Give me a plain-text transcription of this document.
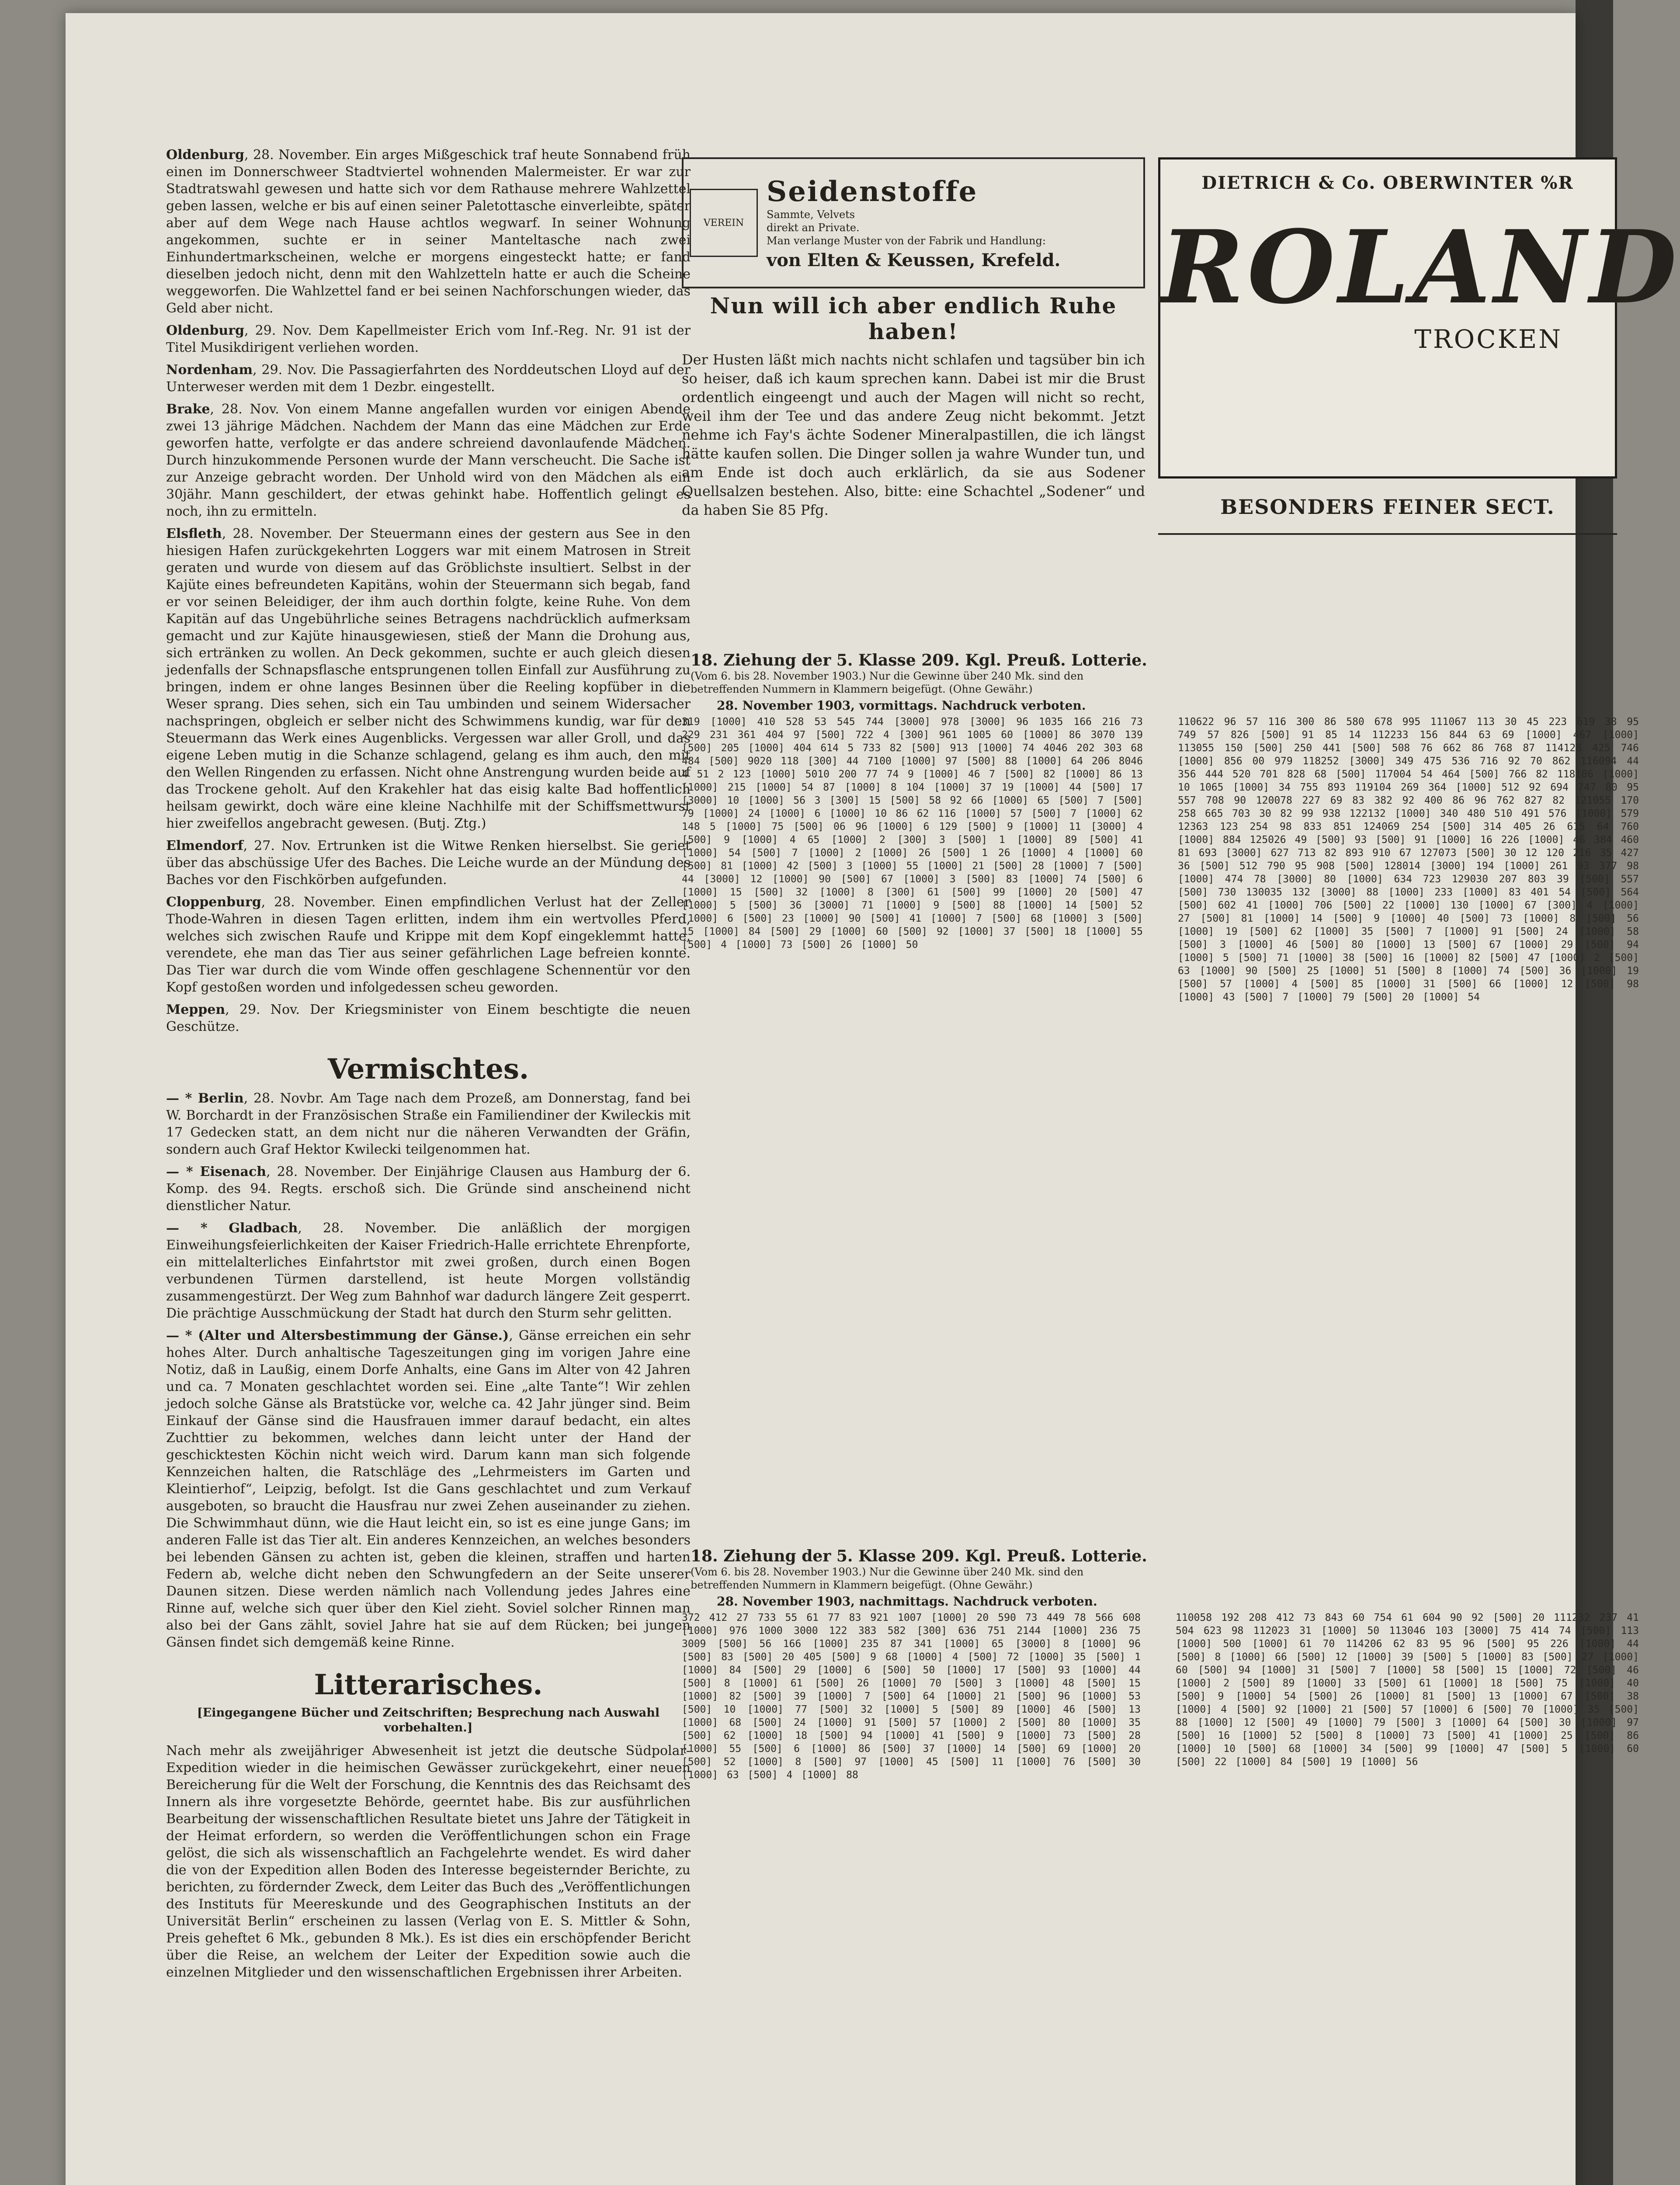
Oldenburg, 28. November. Ein arges Mißgeschick traf heute Sonnabend früh einen im Donnerschweer Stadtviertel wohnenden Malermeister. Er war zur Stadtratswahl gewesen und hatte sich vor dem Rathause mehrere Wahlzettel geben lassen, welche er bis auf einen seiner Paletottasche einverleibte, später aber auf dem Wege nach Hause achtlos wegwarf. In seiner Wohnung angekommen, suchte er in seiner Manteltasche nach zwei Einhundertmarkscheinen, welche er morgens eingesteckt hatte; er fand dieselben jedoch nicht, denn mit den Wahlzetteln hatte er auch die Scheine weggeworfen. Die Wahlzettel fand er bei seinen Nachforschungen wieder, das Geld aber nicht.

Oldenburg, 29. Nov. Dem Kapellmeister Erich vom Inf.-Reg. Nr. 91 ist der Titel Musikdirigent verliehen worden.

Nordenham, 29. Nov. Die Passagierfahrten des Norddeutschen Lloyd auf der Unterweser werden mit dem 1 Dezbr. eingestellt.

Brake, 28. Nov. Von einem Manne angefallen wurden vor einigen Abende zwei 13 jährige Mädchen. Nachdem der Mann das eine Mädchen zur Erde geworfen hatte, verfolgte er das andere schreiend davonlaufende Mädchen. Durch hinzukommende Personen wurde der Mann verscheucht. Die Sache ist zur Anzeige gebracht worden. Der Unhold wird von den Mädchen als ein 30jähr. Mann geschildert, der etwas gehinkt habe. Hoffentlich gelingt es noch, ihn zu ermitteln.

Elsfleth, 28. November. Der Steuermann eines der gestern aus See in den hiesigen Hafen zurückgekehrten Loggers war mit einem Matrosen in Streit geraten und wurde von diesem auf das Gröblichste insultiert. Selbst in der Kajüte eines befreundeten Kapitäns, wohin der Steuermann sich begab, fand er vor seinen Beleidiger, der ihm auch dorthin folgte, keine Ruhe. Von dem Kapitän auf das Ungebührliche seines Betragens nachdrücklich aufmerksam gemacht und zur Kajüte hinausgewiesen, stieß der Mann die Drohung aus, sich ertränken zu wollen. An Deck gekommen, suchte er auch gleich diesen jedenfalls der Schnapsflasche entsprungenen tollen Einfall zur Ausführung zu bringen, indem er ohne langes Besinnen über die Reeling kopfüber in die Weser sprang. Dies sehen, sich ein Tau umbinden und seinem Widersacher nachspringen, obgleich er selber nicht des Schwimmens kundig, war für den Steuermann das Werk eines Augenblicks. Vergessen war aller Groll, und das eigene Leben mutig in die Schanze schlagend, gelang es ihm auch, den mit den Wellen Ringenden zu erfassen. Nicht ohne Anstrengung wurden beide auf das Trockene geholt. Auf den Krakehler hat das eisig kalte Bad hoffentlich heilsam gewirkt, doch wäre eine kleine Nachhilfe mit der Schiffsmettwurst hier zweifellos angebracht gewesen. (Butj. Ztg.)

Elmendorf, 27. Nov. Ertrunken ist die Witwe Renken hierselbst. Sie geriet über das abschüssige Ufer des Baches. Die Leiche wurde an der Mündung des Baches vor den Fischkörben aufgefunden.

Cloppenburg, 28. November. Einen empfindlichen Verlust hat der Zeller Thode-Wahren in diesen Tagen erlitten, indem ihm ein wertvolles Pferd, welches sich zwischen Raufe und Krippe mit dem Kopf eingeklemmt hatte, verendete, ehe man das Tier aus seiner gefährlichen Lage befreien konnte. Das Tier war durch die vom Winde offen geschlagene Schennentür vor den Kopf gestoßen worden und infolgedessen scheu geworden.

Meppen, 29. Nov. Der Kriegsminister von Einem beschtigte die neuen Geschütze.

Vermischtes.

— * Berlin, 28. Novbr. Am Tage nach dem Prozeß, am Donnerstag, fand bei W. Borchardt in der Französischen Straße ein Familiendiner der Kwileckis mit 17 Gedecken statt, an dem nicht nur die näheren Verwandten der Gräfin, sondern auch Graf Hektor Kwilecki teilgenommen hat.

— * Eisenach, 28. November. Der Einjährige Clausen aus Hamburg der 6. Komp. des 94. Regts. erschoß sich. Die Gründe sind anscheinend nicht dienstlicher Natur.

— * Gladbach, 28. November. Die anläßlich der morgigen Einweihungsfeierlichkeiten der Kaiser Friedrich-Halle errichtete Ehrenpforte, ein mittelalterliches Einfahrtstor mit zwei großen, durch einen Bogen verbundenen Türmen darstellend, ist heute Morgen vollständig zusammengestürzt. Der Weg zum Bahnhof war dadurch längere Zeit gesperrt. Die prächtige Ausschmückung der Stadt hat durch den Sturm sehr gelitten.

— * (Alter und Altersbestimmung der Gänse.), Gänse erreichen ein sehr hohes Alter. Durch anhaltische Tageszeitungen ging im vorigen Jahre eine Notiz, daß in Laußig, einem Dorfe Anhalts, eine Gans im Alter von 42 Jahren und ca. 7 Monaten geschlachtet worden sei. Eine „alte Tante“! Wir zehlen jedoch solche Gänse als Bratstücke vor, welche ca. 42 Jahr jünger sind. Beim Einkauf der Gänse sind die Hausfrauen immer darauf bedacht, ein altes Zuchttier zu bekommen, welches dann leicht unter der Hand der geschicktesten Köchin nicht weich wird. Darum kann man sich folgende Kennzeichen halten, die Ratschläge des „Lehrmeisters im Garten und Kleintierhof“, Leipzig, befolgt. Ist die Gans geschlachtet und zum Verkauf ausgeboten, so braucht die Hausfrau nur zwei Zehen auseinander zu ziehen. Die Schwimmhaut dünn, wie die Haut leicht ein, so ist es eine junge Gans; im anderen Falle ist das Tier alt. Ein anderes Kennzeichen, an welches besonders bei lebenden Gänsen zu achten ist, geben die kleinen, straffen und harten Federn ab, welche dicht neben den Schwungfedern an der Seite unserer Daunen sitzen. Diese werden nämlich nach Vollendung jedes Jahres eine Rinne auf, welche sich quer über den Kiel zieht. Soviel solcher Rinnen man also bei der Gans zählt, soviel Jahre hat sie auf dem Rücken; bei jungen Gänsen findet sich demgemäß keine Rinne.

Litterarisches.
[Eingegangene Bücher und Zeitschriften; Besprechung nach Auswahl vorbehalten.]

Nach mehr als zweijähriger Abwesenheit ist jetzt die deutsche Südpolar-Expedition wieder in die heimischen Gewässer zurückgekehrt, einer neuen Bereicherung für die Welt der Forschung, die Kenntnis des das Reichsamt des Innern als ihre vorgesetzte Behörde, geerntet habe. Bis zur ausführlichen Bearbeitung der wissenschaftlichen Resultate bietet uns Jahre der Tätigkeit in der Heimat erfordern, so werden die Veröffentlichungen schon ein Frage gelöst, die sich als wissenschaftlich an Fachgelehrte wendet. Es wird daher die von der Expedition allen Boden des Interesse begeisternder Berichte, zu berichten, zu fördernder Zweck, dem Leiter das Buch des „Veröffentlichungen des Instituts für Meereskunde und des Geographischen Instituts an der Universität Berlin“ erscheinen zu lassen (Verlag von E. S. Mittler & Sohn, Preis geheftet 6 Mk., gebunden 8 Mk.). Es ist dies ein erschöpfender Bericht über die Reise, an welchem der Leiter der Expedition sowie auch die einzelnen Mitglieder und den wissenschaftlichen Ergebnissen ihrer Arbeiten.

VEREIN
Seidenstoffe
Sammte, Velvets
direkt an Private.
Man verlange Muster von der Fabrik und Handlung:
von Elten & Keussen, Krefeld.
Nun will ich aber endlich Ruhe haben!

Der Husten läßt mich nachts nicht schlafen und tagsüber bin ich so heiser, daß ich kaum sprechen kann. Dabei ist mir die Brust ordentlich eingeengt und auch der Magen will nicht so recht, weil ihm der Tee und das andere Zeug nicht bekommt. Jetzt nehme ich Fay's ächte Sodener Mineralpastillen, die ich längst hätte kaufen sollen. Die Dinger sollen ja wahre Wunder tun, und am Ende ist doch auch erklärlich, da sie aus Sodener Quellsalzen bestehen. Also, bitte: eine Schachtel „Sodener“ und da haben Sie 85 Pfg.

18. Ziehung der 5. Klasse 209. Kgl. Preuß. Lotterie.
(Vom 6. bis 28. November 1903.) Nur die Gewinne über 240 Mk. sind den betreffenden Nummern in Klammern beigefügt. (Ohne Gewähr.)
28. November 1903, vormittags. Nachdruck verboten.
319 [1000] 410 528 53 545 744 [3000] 978 [3000] 96 1035 166 216 73 229 231 361 404 97 [500] 722 4 [300] 961 1005 60 [1000] 86 3070 139 [500] 205 [1000] 404 614 5 733 82 [500] 913 [1000] 74 4046 202 303 68 484 [500] 9020 118 [300] 44 7100 [1000] 97 [500] 88 [1000] 64 206 8046 4 51 2 123 [1000] 5010 200 77 74 9 [1000] 46 7 [500] 82 [1000] 86 13 [1000] 215 [1000] 54 87 [1000] 8 104 [1000] 37 19 [1000] 44 [500] 17 [3000] 10 [1000] 56 3 [300] 15 [500] 58 92 66 [1000] 65 [500] 7 [500] 79 [1000] 24 [1000] 6 [1000] 10 86 62 116 [1000] 57 [500] 7 [1000] 62 148 5 [1000] 75 [500] 06 96 [1000] 6 129 [500] 9 [1000] 11 [3000] 4 [500] 9 [1000] 4 65 [1000] 2 [300] 3 [500] 1 [1000] 89 [500] 41 [1000] 54 [500] 7 [1000] 2 [1000] 26 [500] 1 26 [1000] 4 [1000] 60 [500] 81 [1000] 42 [500] 3 [1000] 55 [1000] 21 [500] 28 [1000] 7 [500] 44 [3000] 12 [1000] 90 [500] 67 [1000] 3 [500] 83 [1000] 74 [500] 6 [1000] 15 [500] 32 [1000] 8 [300] 61 [500] 99 [1000] 20 [500] 47 [1000] 5 [500] 36 [3000] 71 [1000] 9 [500] 88 [1000] 14 [500] 52 [1000] 6 [500] 23 [1000] 90 [500] 41 [1000] 7 [500] 68 [1000] 3 [500] 15 [1000] 84 [500] 29 [1000] 60 [500] 92 [1000] 37 [500] 18 [1000] 55 [500] 4 [1000] 73 [500] 26 [1000] 50
110622 96 57 116 300 86 580 678 995 111067 113 30 45 223 619 38 95 749 57 826 [500] 91 85 14 112233 156 844 63 69 [1000] 467 [1000] 113055 150 [500] 250 441 [500] 508 76 662 86 768 87 114128 425 746 [1000] 856 00 979 118252 [3000] 349 475 536 716 92 70 862 116094 44 356 444 520 701 828 68 [500] 117004 54 464 [500] 766 82 118106 [1000] 10 1065 [1000] 34 755 893 119104 269 364 [1000] 512 92 694 747 80 95 557 708 90 120078 227 69 83 382 92 400 86 96 762 827 82 121055 170 258 665 703 30 82 99 938 122132 [1000] 340 480 510 491 576 [1000] 579 12363 123 254 98 833 851 124069 254 [500] 314 405 26 615 64 760 [1000] 884 125026 49 [500] 93 [500] 91 [1000] 16 226 [1000] 46 384 460 81 693 [3000] 627 713 82 893 910 67 127073 [500] 30 12 120 216 35 427 36 [500] 512 790 95 908 [500] 128014 [3000] 194 [1000] 261 93 377 98 [1000] 474 78 [3000] 80 [1000] 634 723 129030 207 803 39 [500] 557 [500] 730 130035 132 [3000] 88 [1000] 233 [1000] 83 401 54 [500] 564 [500] 602 41 [1000] 706 [500] 22 [1000] 130 [1000] 67 [300] 4 [1000] 27 [500] 81 [1000] 14 [500] 9 [1000] 40 [500] 73 [1000] 8 [500] 56 [1000] 19 [500] 62 [1000] 35 [500] 7 [1000] 91 [500] 24 [1000] 58 [500] 3 [1000] 46 [500] 80 [1000] 13 [500] 67 [1000] 29 [500] 94 [1000] 5 [500] 71 [1000] 38 [500] 16 [1000] 82 [500] 47 [1000] 2 [500] 63 [1000] 90 [500] 25 [1000] 51 [500] 8 [1000] 74 [500] 36 [1000] 19 [500] 57 [1000] 4 [500] 85 [1000] 31 [500] 66 [1000] 12 [500] 98 [1000] 43 [500] 7 [1000] 79 [500] 20 [1000] 54
18. Ziehung der 5. Klasse 209. Kgl. Preuß. Lotterie.
(Vom 6. bis 28. November 1903.) Nur die Gewinne über 240 Mk. sind den betreffenden Nummern in Klammern beigefügt. (Ohne Gewähr.)
28. November 1903, nachmittags. Nachdruck verboten.
372 412 27 733 55 61 77 83 921 1007 [1000] 20 590 73 449 78 566 608 [1000] 976 1000 3000 122 383 582 [300] 636 751 2144 [1000] 236 75 3009 [500] 56 166 [1000] 235 87 341 [1000] 65 [3000] 8 [1000] 96 [500] 83 [500] 20 405 [500] 9 68 [1000] 4 [500] 72 [1000] 35 [500] 1 [1000] 84 [500] 29 [1000] 6 [500] 50 [1000] 17 [500] 93 [1000] 44 [500] 8 [1000] 61 [500] 26 [1000] 70 [500] 3 [1000] 48 [500] 15 [1000] 82 [500] 39 [1000] 7 [500] 64 [1000] 21 [500] 96 [1000] 53 [500] 10 [1000] 77 [500] 32 [1000] 5 [500] 89 [1000] 46 [500] 13 [1000] 68 [500] 24 [1000] 91 [500] 57 [1000] 2 [500] 80 [1000] 35 [500] 62 [1000] 18 [500] 94 [1000] 41 [500] 9 [1000] 73 [500] 28 [1000] 55 [500] 6 [1000] 86 [500] 37 [1000] 14 [500] 69 [1000] 20 [500] 52 [1000] 8 [500] 97 [1000] 45 [500] 11 [1000] 76 [500] 30 [1000] 63 [500] 4 [1000] 88
110058 192 208 412 73 843 60 754 61 604 90 92 [500] 20 111232 237 41 504 623 98 112023 31 [1000] 50 113046 103 [3000] 75 414 74 [500] 113 [1000] 500 [1000] 61 70 114206 62 83 95 96 [500] 95 226 [1000] 44 [500] 8 [1000] 66 [500] 12 [1000] 39 [500] 5 [1000] 83 [500] 27 [1000] 60 [500] 94 [1000] 31 [500] 7 [1000] 58 [500] 15 [1000] 72 [500] 46 [1000] 2 [500] 89 [1000] 33 [500] 61 [1000] 18 [500] 75 [1000] 40 [500] 9 [1000] 54 [500] 26 [1000] 81 [500] 13 [1000] 67 [500] 38 [1000] 4 [500] 92 [1000] 21 [500] 57 [1000] 6 [500] 70 [1000] 35 [500] 88 [1000] 12 [500] 49 [1000] 79 [500] 3 [1000] 64 [500] 30 [1000] 97 [500] 16 [1000] 52 [500] 8 [1000] 73 [500] 41 [1000] 25 [500] 86 [1000] 10 [500] 68 [1000] 34 [500] 99 [1000] 47 [500] 5 [1000] 60 [500] 22 [1000] 84 [500] 19 [1000] 56

DIETRICH & Co. OBERWINTER %R
ROLAND
TROCKEN
BESONDERS FEINER SECT.
